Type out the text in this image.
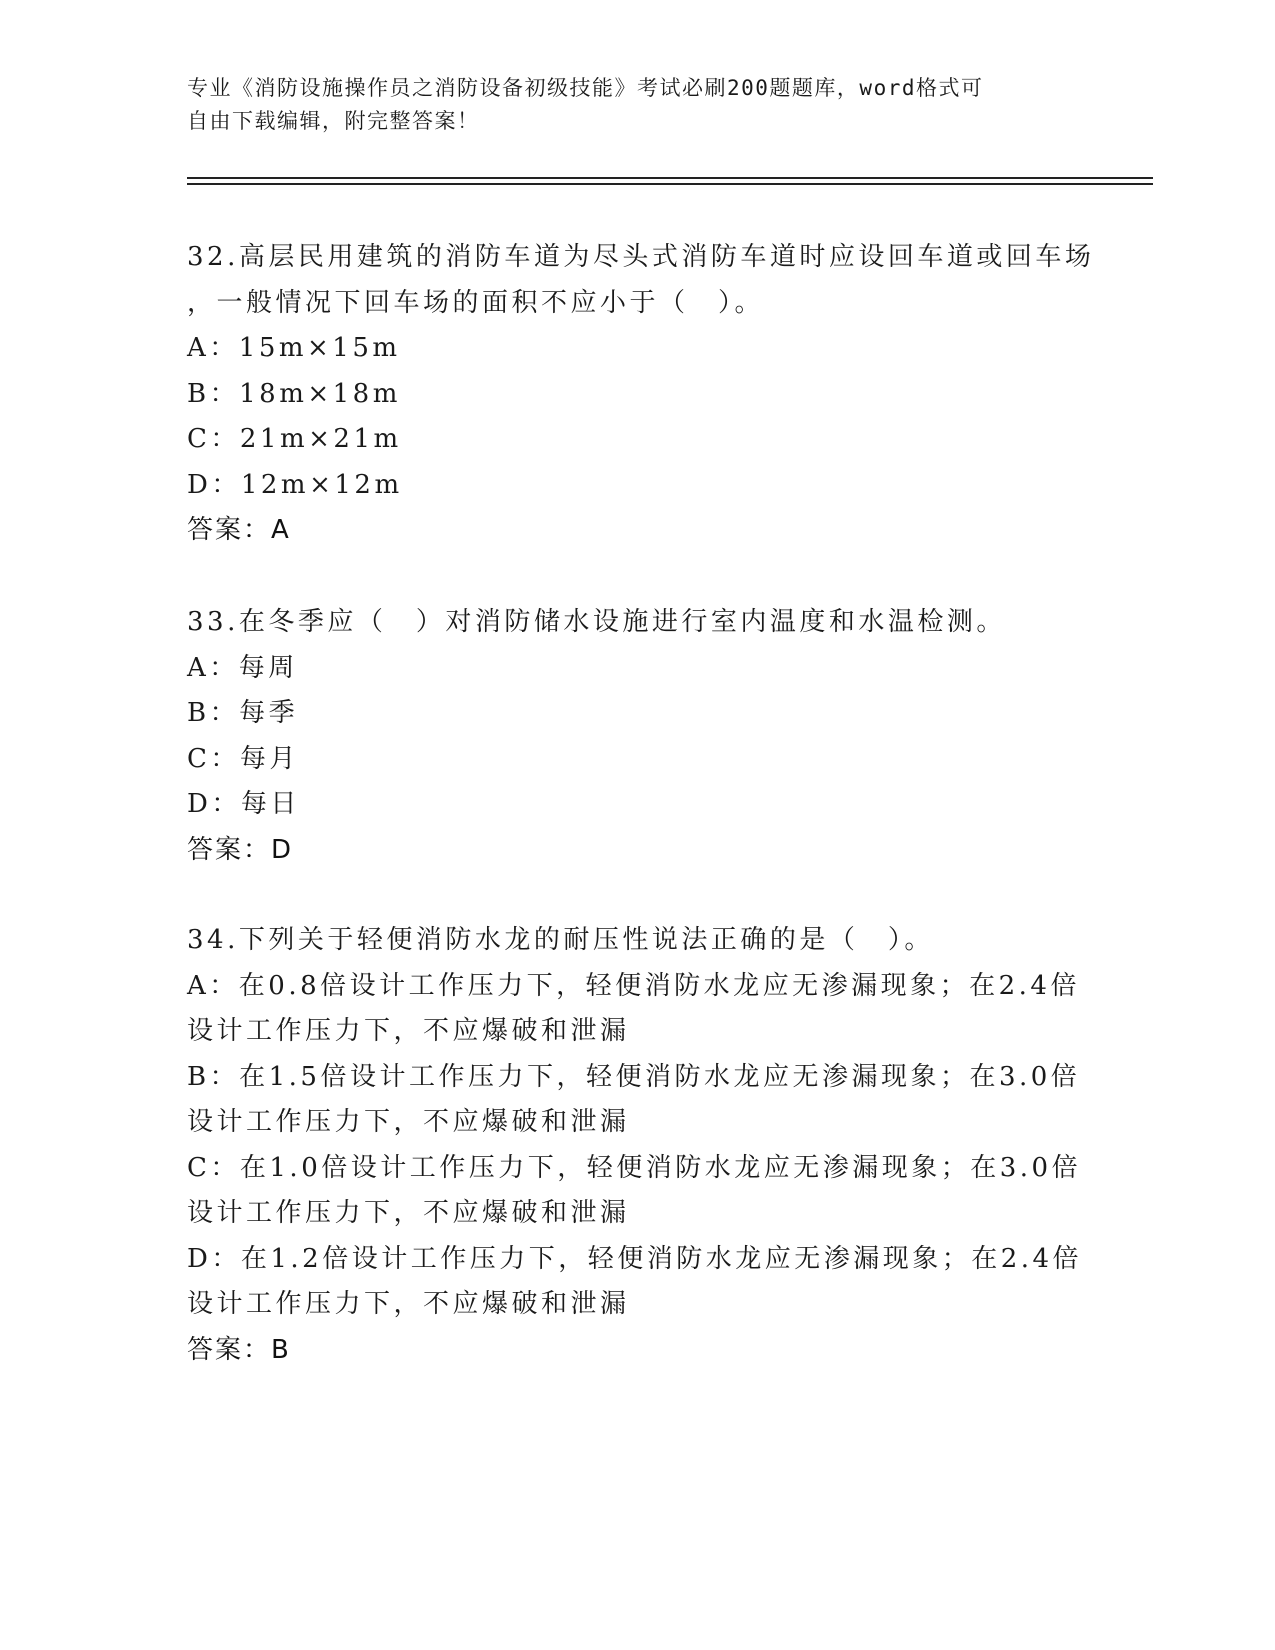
专业《消防设施操作员之消防设备初级技能》考试必刷200题题库，word格式可
自由下载编辑，附完整答案！
32.高层民用建筑的消防车道为尽头式消防车道时应设回车道或回车场
，一般情况下回车场的面积不应小于（　）。
A：15m×15m
B：18m×18m
C：21m×21m
D：12m×12m
答案：A
33.在冬季应（　）对消防储水设施进行室内温度和水温检测。
A：每周
B：每季
C：每月
D：每日
答案：D
34.下列关于轻便消防水龙的耐压性说法正确的是（　）。
A：在0.8倍设计工作压力下，轻便消防水龙应无渗漏现象；在2.4倍
设计工作压力下，不应爆破和泄漏
B：在1.5倍设计工作压力下，轻便消防水龙应无渗漏现象；在3.0倍
设计工作压力下，不应爆破和泄漏
C：在1.0倍设计工作压力下，轻便消防水龙应无渗漏现象；在3.0倍
设计工作压力下，不应爆破和泄漏
D：在1.2倍设计工作压力下，轻便消防水龙应无渗漏现象；在2.4倍
设计工作压力下，不应爆破和泄漏
答案：B
